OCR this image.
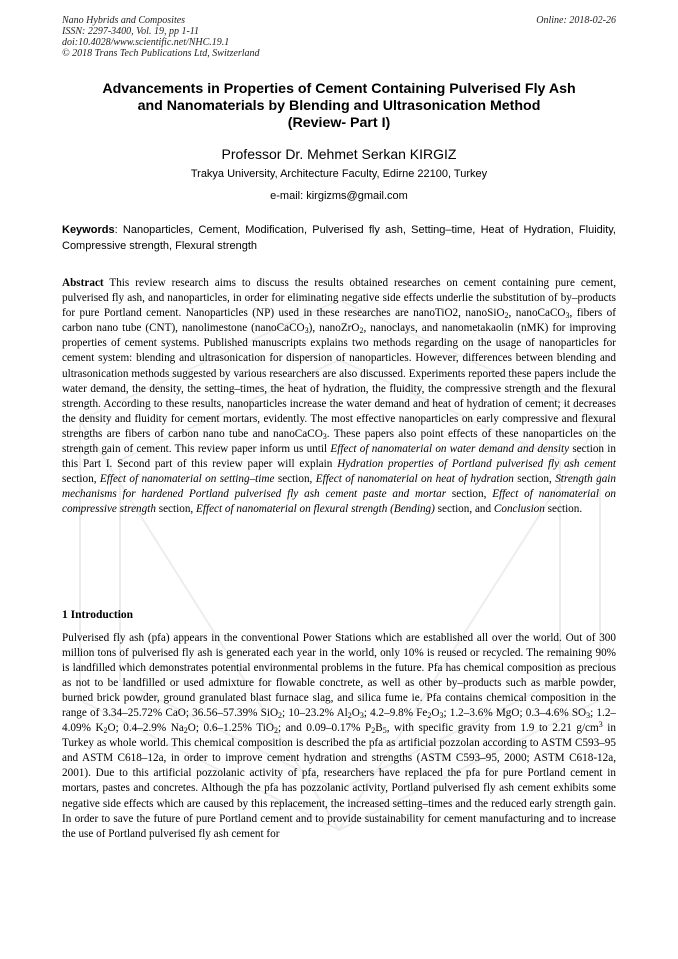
Nano Hybrids and Composites
ISSN: 2297-3400, Vol. 19, pp 1-11
doi:10.4028/www.scientific.net/NHC.19.1
© 2018 Trans Tech Publications Ltd, Switzerland
Online: 2018-02-26
Advancements in Properties of Cement Containing Pulverised Fly Ash
and Nanomaterials by Blending and Ultrasonication Method
(Review- Part I)
Professor Dr. Mehmet Serkan KIRGIZ
Trakya University, Architecture Faculty, Edirne 22100, Turkey
e-mail: kirgizms@gmail.com
Keywords: Nanoparticles, Cement, Modification, Pulverised fly ash, Setting–time, Heat of Hydration, Fluidity, Compressive strength, Flexural strength
Abstract This review research aims to discuss the results obtained researches on cement containing pure cement, pulverised fly ash, and nanoparticles, in order for eliminating negative side effects underlie the substitution of by–products for pure Portland cement. Nanoparticles (NP) used in these researches are nanoTiO2, nanoSiO$_2$, nanoCaCO$_3$, fibers of carbon nano tube (CNT), nanolimestone (nanoCaCO$_3$), nanoZrO$_2$, nanoclays, and nanometakaolin (nMK) for improving properties of cement systems. Published manuscripts explains two methods regarding on the usage of nanoparticles for cement system: blending and ultrasonication for dispersion of nanoparticles. However, differences between blending and ultrasonication methods suggested by various researchers are also discussed. Experiments reported these papers include the water demand, the density, the setting–times, the heat of hydration, the fluidity, the compressive strength and the flexural strength. According to these results, nanoparticles increase the water demand and heat of hydration of cement; it decreases the density and fluidity for cement mortars, evidently. The most effective nanoparticles on early compressive and flexural strengths are fibers of carbon nano tube and nanoCaCO$_3$. These papers also point effects of these nanoparticles on the strength gain of cement. This review paper inform us until Effect of nanomaterial on water demand and density section in this Part I. Second part of this review paper will explain Hydration properties of Portland pulverised fly ash cement section, Effect of nanomaterial on setting–time section, Effect of nanomaterial on heat of hydration section, Strength gain mechanisms for hardened Portland pulverised fly ash cement paste and mortar section, Effect of nanomaterial on compressive strength section, Effect of nanomaterial on flexural strength (Bending) section, and Conclusion section.
1 Introduction
Pulverised fly ash (pfa) appears in the conventional Power Stations which are established all over the world. Out of 300 million tons of pulverised fly ash is generated each year in the world, only 10% is reused or recycled. The remaining 90% is landfilled which demonstrates potential environmental problems in the future. Pfa has chemical composition as precious as not to be landfilled or used admixture for flowable conctrete, as well as other by–products such as marble powder, burned brick powder, ground granulated blast furnace slag, and silica fume ie. Pfa contains chemical composition in the range of 3.34–25.72% CaO; 36.56–57.39% SiO$_2$; 10–23.2% $Al_2O_3$; 4.2–9.8% $Fe_2O_3$; 1.2–3.6% MgO; 0.3–4.6% $SO_3$; 1.2–4.09% $K_2O$; 0.4–2.9% $Na_2O$; 0.6–1.25% TiO$_2$; and 0.09–0.17% $P_2B_5$, with specific gravity from 1.9 to 2.21 $g/cm^3$ in Turkey as whole world. This chemical composition is described the pfa as artificial pozzolan according to ASTM C593–95 and ASTM C618–12a, in order to improve cement hydration and strengths (ASTM C593–95, 2000; ASTM C618-12a, 2001). Due to this artificial pozzolanic activity of pfa, researchers have replaced the pfa for pure Portland cement in mortars, pastes and concretes. Although the pfa has pozzolanic activity, Portland pulverised fly ash cement exhibits some negative side effects which are caused by this replacement, the increased setting–times and the reduced early strength gain. In order to save the future of pure Portland cement and to provide sustainability for cement manufacturing and to increase the use of Portland pulverised fly ash cement for
